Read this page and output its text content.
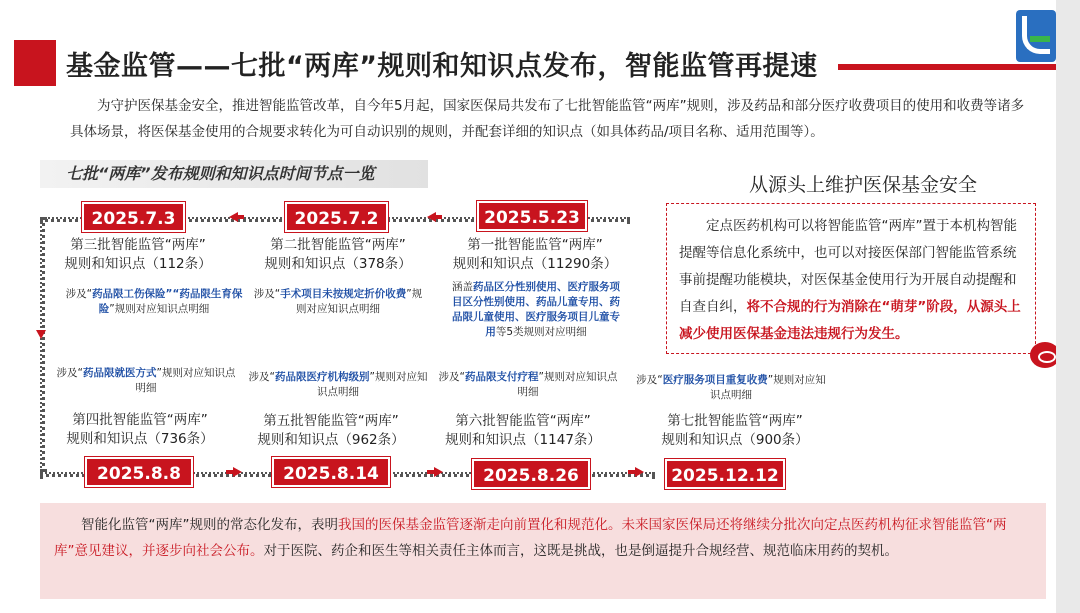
基金监管——七批“两库”规则和知识点发布，智能监管再提速
为守护医保基金安全，推进智能监管改革，自今年5月起，国家医保局共发布了七批智能监管“两库”规则，涉及药品和部分医疗收费项目的使用和收费等诸多具体场景，将医保基金使用的合规要求转化为可自动识别的规则，并配套详细的知识点（如具体药品/项目名称、适用范围等）。
七批“两库”发布规则和知识点时间节点一览
2025.5.23
2025.7.2
2025.7.3
第一批智能监管“两库”
规则和知识点（11290条）
第二批智能监管“两库”
规则和知识点（378条）
第三批智能监管“两库”
规则和知识点（112条）
涵盖药品区分性别使用、医疗服务项目区分性别使用、药品儿童专用、药品限儿童使用、医疗服务项目儿童专用等5类规则对应明细
涉及“手术项目未按规定折价收费”规则对应知识点明细
涉及“药品限工伤保险”“药品限生育保险”规则对应知识点明细
涉及“药品限就医方式”规则对应知识点明细
涉及“药品限医疗机构级别”规则对应知识点明细
涉及“药品限支付疗程”规则对应知识点明细
涉及“医疗服务项目重复收费”规则对应知识点明细
第四批智能监管“两库”
规则和知识点（736条）
第五批智能监管“两库”
规则和知识点（962条）
第六批智能监管“两库”
规则和知识点（1147条）
第七批智能监管“两库”
规则和知识点（900条）
2025.8.8	2025.8.14	2025.8.26	2025.12.12
从源头上维护医保基金安全
定点医药机构可以将智能监管“两库”置于本机构智能提醒等信息化系统中，也可以对接医保部门智能监管系统事前提醒功能模块，对医保基金使用行为开展自动提醒和自查自纠，将不合规的行为消除在“萌芽”阶段，从源头上减少使用医保基金违法违规行为发生。
智能化监管“两库”规则的常态化发布，表明我国的医保基金监管逐渐走向前置化和规范化。未来国家医保局还将继续分批次向定点医药机构征求智能监管“两库”意见建议，并逐步向社会公布。对于医院、药企和医生等相关责任主体而言，这既是挑战，也是倒逼提升合规经营、规范临床用药的契机。
